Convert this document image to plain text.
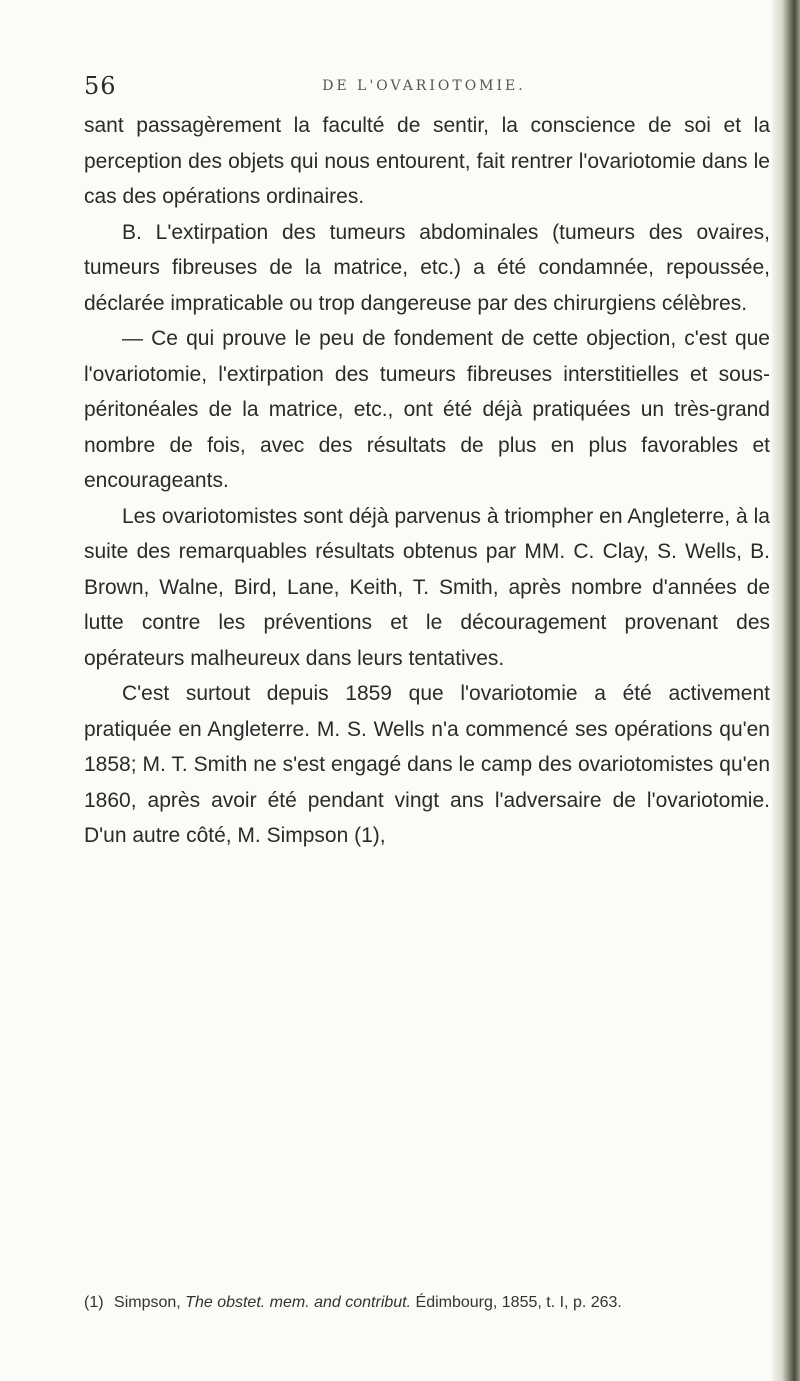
56	DE L'OVARIOTOMIE.

sant passagèrement la faculté de sentir, la conscience de soi et la perception des objets qui nous entourent, fait rentrer l'ovariotomie dans le cas des opérations ordinaires.

B. L'extirpation des tumeurs abdominales (tumeurs des ovaires, tumeurs fibreuses de la matrice, etc.) a été condamnée, repoussée, déclarée impraticable ou trop dangereuse par des chirurgiens célèbres.

— Ce qui prouve le peu de fondement de cette objection, c'est que l'ovariotomie, l'extirpation des tumeurs fibreuses interstitielles et sous-péritonéales de la matrice, etc., ont été déjà pratiquées un très-grand nombre de fois, avec des résultats de plus en plus favorables et encourageants.

Les ovariotomistes sont déjà parvenus à triompher en Angleterre, à la suite des remarquables résultats obtenus par MM. C. Clay, S. Wells, B. Brown, Walne, Bird, Lane, Keith, T. Smith, après nombre d'années de lutte contre les préventions et le découragement provenant des opérateurs malheureux dans leurs tentatives.

C'est surtout depuis 1859 que l'ovariotomie a été activement pratiquée en Angleterre. M. S. Wells n'a commencé ses opérations qu'en 1858; M. T. Smith ne s'est engagé dans le camp des ovariotomistes qu'en 1860, après avoir été pendant vingt ans l'adversaire de l'ovariotomie. D'un autre côté, M. Simpson (1),

(1) Simpson, The obstet. mem. and contribut. Édimbourg, 1855, t. I, p. 263.
